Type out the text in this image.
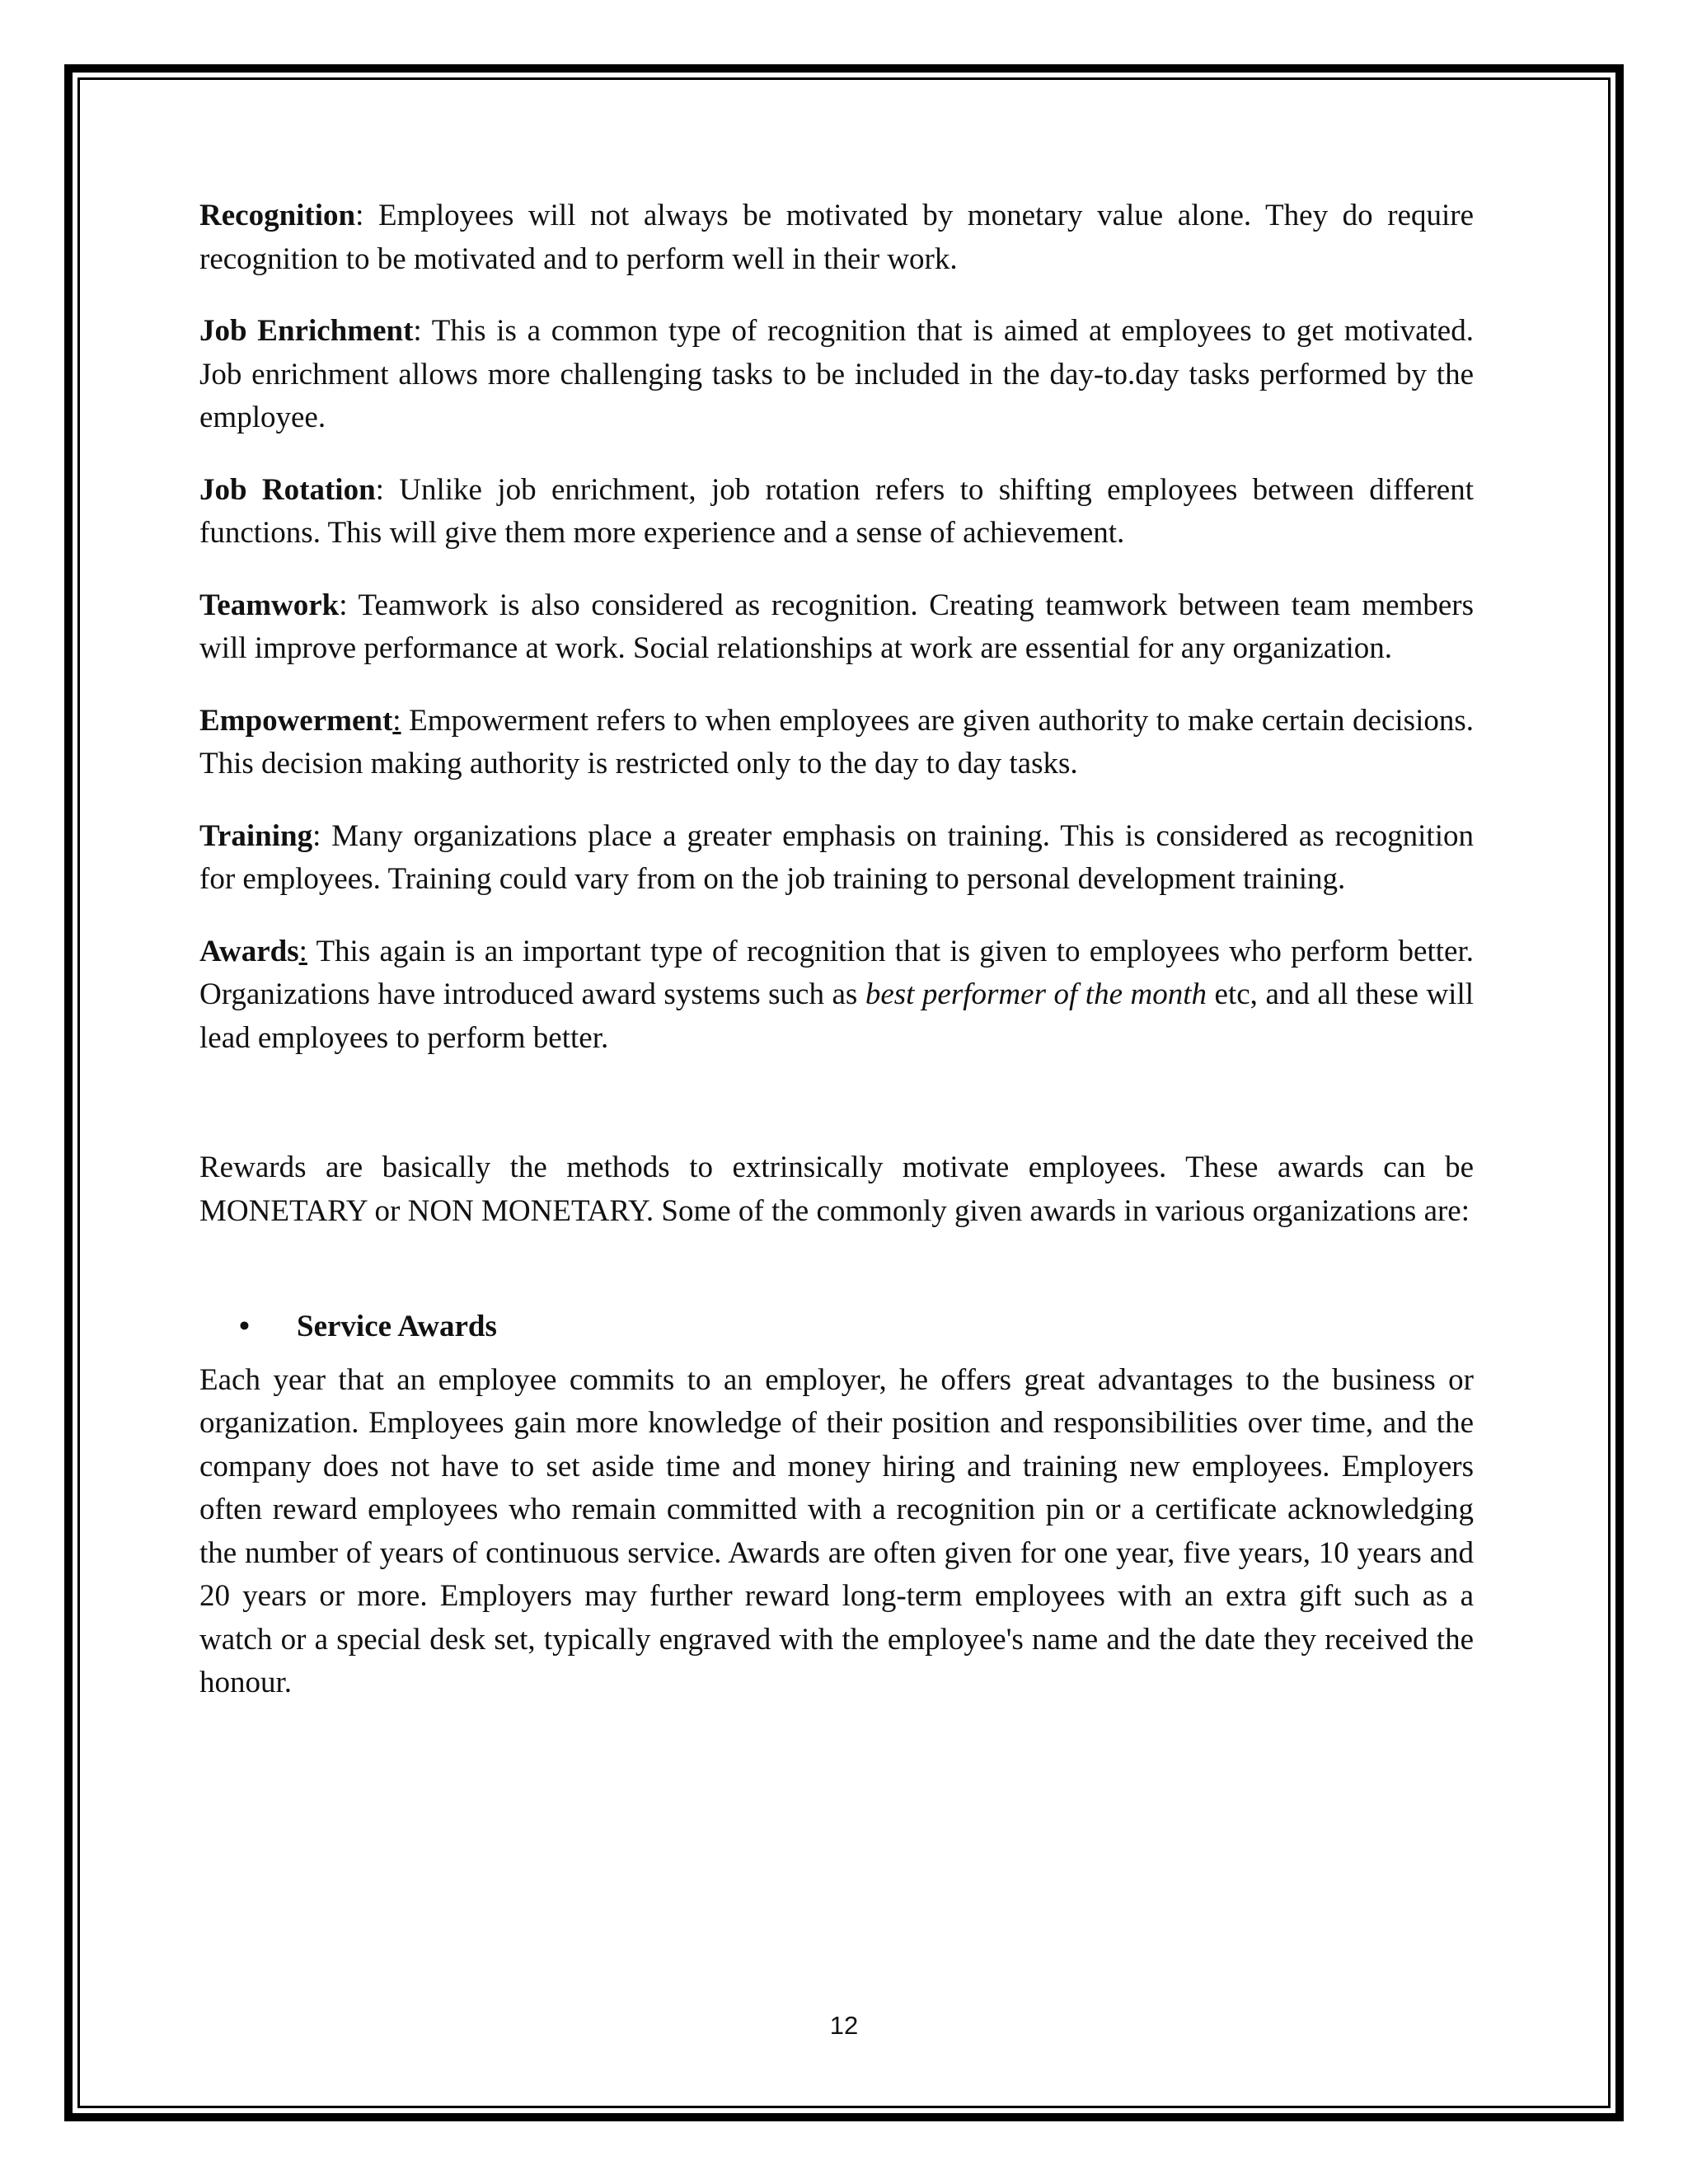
Recognition: Employees will not always be motivated by monetary value alone. They do require recognition to be motivated and to perform well in their work.

Job Enrichment: This is a common type of recognition that is aimed at employees to get motivated. Job enrichment allows more challenging tasks to be included in the day-to.day tasks performed by the employee.

Job Rotation: Unlike job enrichment, job rotation refers to shifting employees between different functions. This will give them more experience and a sense of achievement.

Teamwork: Teamwork is also considered as recognition. Creating teamwork between team members will improve performance at work. Social relationships at work are essential for any organization.

Empowerment: Empowerment refers to when employees are given authority to make certain decisions. This decision making authority is restricted only to the day to day tasks.

Training: Many organizations place a greater emphasis on training. This is considered as recognition for employees. Training could vary from on the job training to personal development training.

Awards: This again is an important type of recognition that is given to employees who perform better. Organizations have introduced award systems such as best performer of the month etc, and all these will lead employees to perform better.

Rewards are basically the methods to extrinsically motivate employees. These awards can be MONETARY or NON MONETARY. Some of the commonly given awards in various organizations are:

•	Service Awards

Each year that an employee commits to an employer, he offers great advantages to the business or organization. Employees gain more knowledge of their position and responsibilities over time, and the company does not have to set aside time and money hiring and training new employees. Employers often reward employees who remain committed with a recognition pin or a certificate acknowledging the number of years of continuous service. Awards are often given for one year, five years, 10 years and 20 years or more. Employers may further reward long-term employees with an extra gift such as a watch or a special desk set, typically engraved with the employee's name and the date they received the honour.

12
